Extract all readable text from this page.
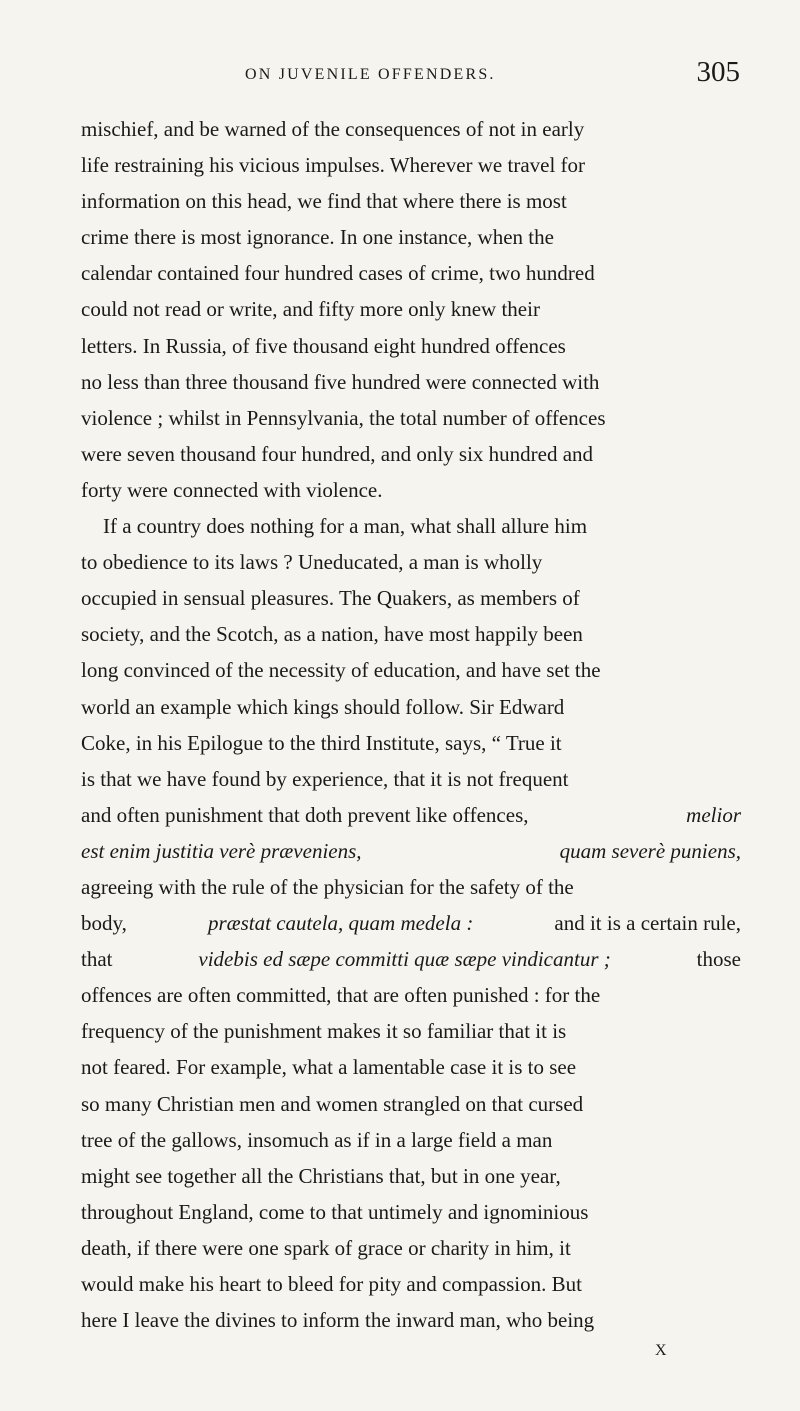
ON JUVENILE OFFENDERS.	305
mischief, and be warned of the consequences of not in early
life restraining his vicious impulses. Wherever we travel for
information on this head, we find that where there is most
crime there is most ignorance. In one instance, when the
calendar contained four hundred cases of crime, two hundred
could not read or write, and fifty more only knew their
letters. In Russia, of five thousand eight hundred offences
no less than three thousand five hundred were connected with
violence ; whilst in Pennsylvania, the total number of offences
were seven thousand four hundred, and only six hundred and
forty were connected with violence.
If a country does nothing for a man, what shall allure him
to obedience to its laws ? Uneducated, a man is wholly
occupied in sensual pleasures. The Quakers, as members of
society, and the Scotch, as a nation, have most happily been
long convinced of the necessity of education, and have set the
world an example which kings should follow. Sir Edward
Coke, in his Epilogue to the third Institute, says, “ True it
is that we have found by experience, that it is not frequent
and often punishment that doth prevent like offences,	melior
est enim justitia verè præveniens,	quam severè puniens,
agreeing with the rule of the physician for the safety of the
body,	præstat cautela, quam medela :	and it is a certain rule,
that	videbis ed sæpe committi quæ sæpe vindicantur ;	those
offences are often committed, that are often punished : for the
frequency of the punishment makes it so familiar that it is
not feared. For example, what a lamentable case it is to see
so many Christian men and women strangled on that cursed
tree of the gallows, insomuch as if in a large field a man
might see together all the Christians that, but in one year,
throughout England, come to that untimely and ignominious
death, if there were one spark of grace or charity in him, it
would make his heart to bleed for pity and compassion. But
here I leave the divines to inform the inward man, who being
X
